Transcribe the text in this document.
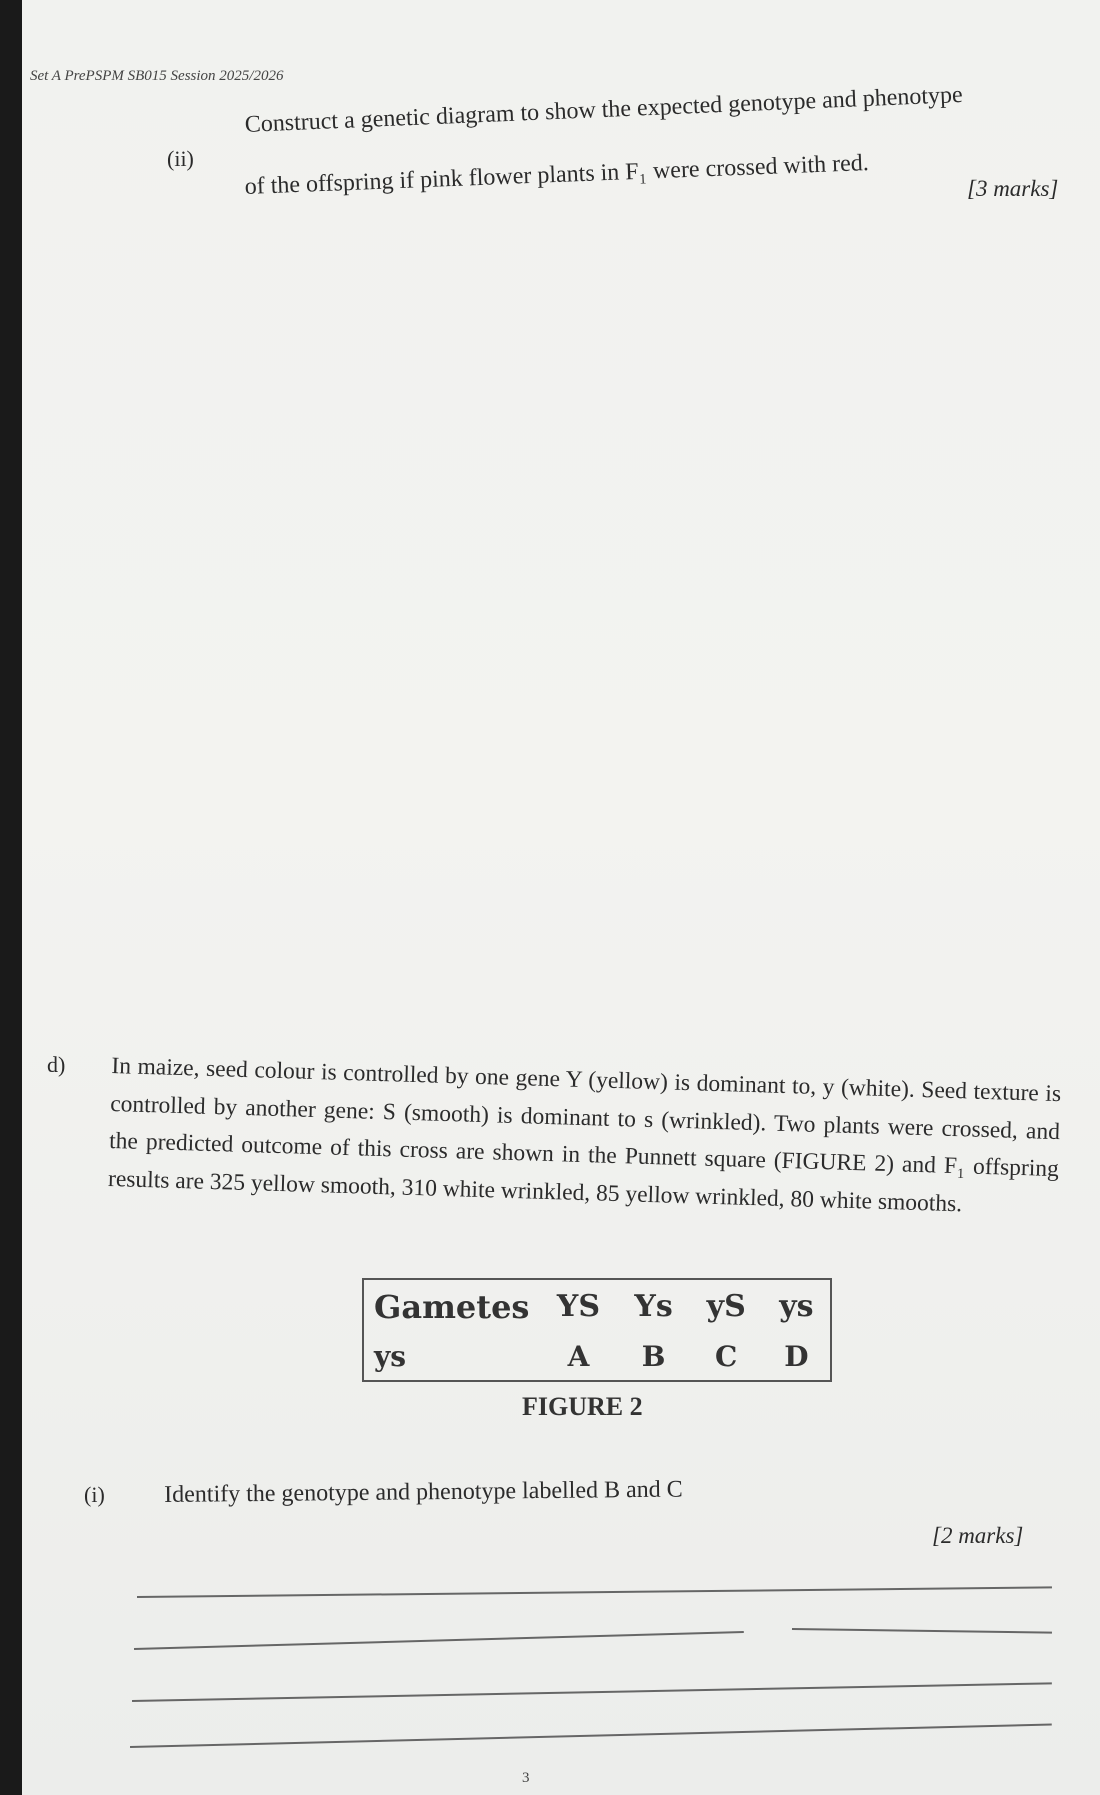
Set A PrePSPM SB015 Session 2025/2026
(ii)
Construct a genetic diagram to show the expected genotype and phenotype
of the offspring if pink flower plants in F₁ were crossed with red.	[3 marks]
d) In maize, seed colour is controlled by one gene Y (yellow) is dominant to, y (white). Seed texture is controlled by another gene: S (smooth) is dominant to s (wrinkled). Two plants were crossed, and the predicted outcome of this cross are shown in the Punnett square (FIGURE 2) and F₁ offspring results are 325 yellow smooth, 310 white wrinkled, 85 yellow wrinkled, 80 white smooths.
Gametes	YS	Ys	yS	ys
ys	A	B	C	D
FIGURE 2
(i) Identify the genotype and phenotype labelled B and C
[2 marks]
3
